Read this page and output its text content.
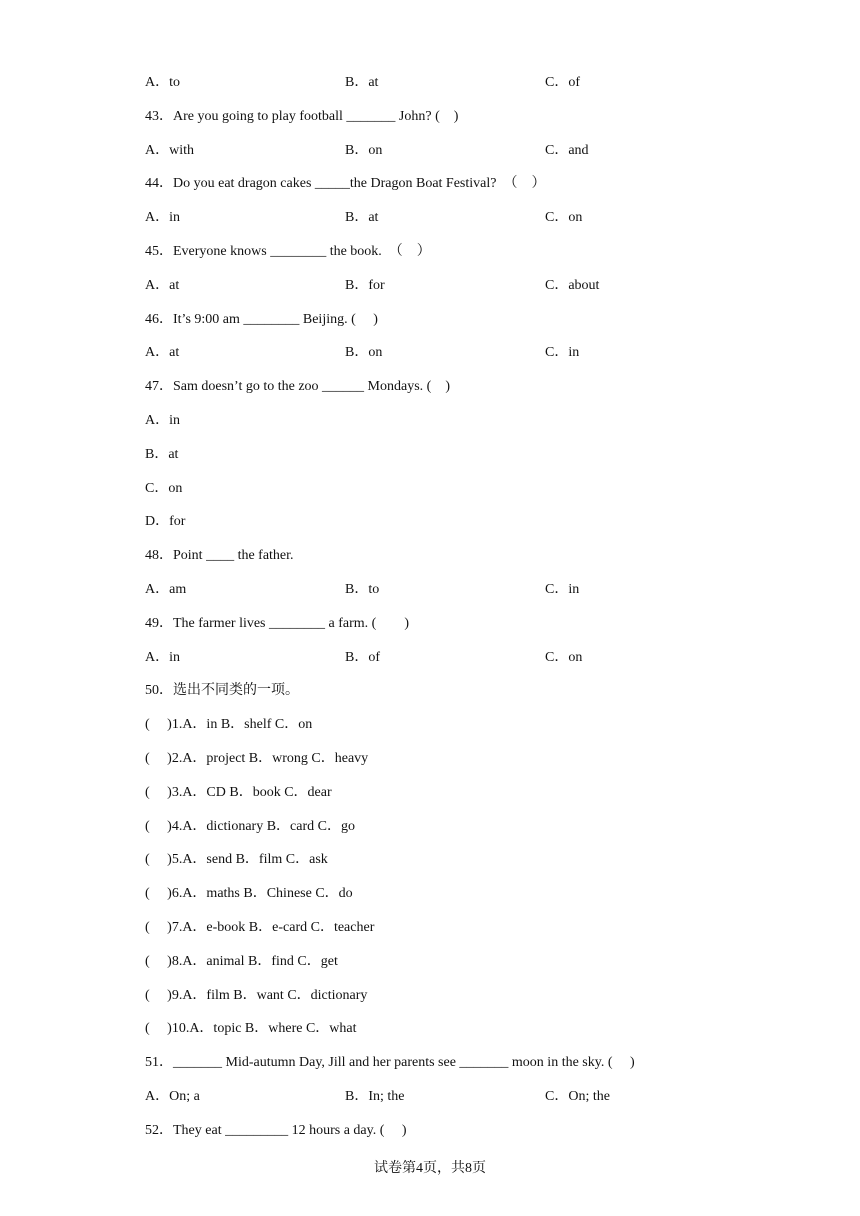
试卷第4页，共8页
A．to	B．at	C．of
43．Are you going to play football _______ John? (    )
A．with	B．on	C．and
44．Do you eat dragon cakes _____the Dragon Boat Festival?  （    ）
A．in	B．at	C．on
45．Everyone knows ________ the book.  （    ）
A．at	B．for	C．about
46．It’s 9:00 am ________ Beijing. (     )
A．at	B．on	C．in
47．Sam doesn’t go to the zoo ______ Mondays. (    )
A．in
B．at
C．on
D．for
48．Point ____ the father.
A．am	B．to	C．in
49．The farmer lives ________ a farm. (        )
A．in	B．of	C．on
50．选出不同类的一项。
(     )1.A．in B．shelf C．on
(     )2.A．project B．wrong C．heavy
(     )3.A．CD B．book C．dear
(     )4.A．dictionary B．card C．go
(     )5.A．send B．film C．ask
(     )6.A．maths B．Chinese C．do
(     )7.A．e-book B．e-card C．teacher
(     )8.A．animal B．find C．get
(     )9.A．film B．want C．dictionary
(     )10.A．topic B．where C．what
51．_______ Mid-autumn Day, Jill and her parents see _______ moon in the sky. (     )
A．On; a	B．In; the	C．On; the
52．They eat _________ 12 hours a day. (     )
